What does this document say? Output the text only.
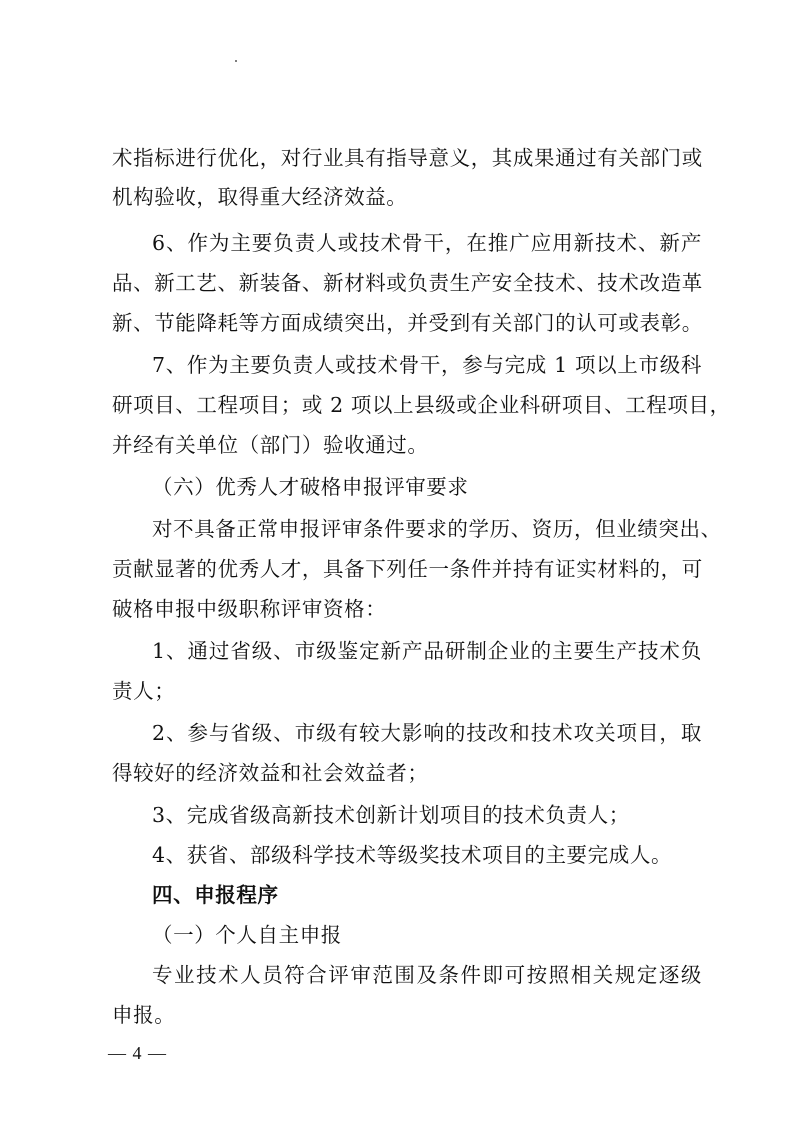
术指标进行优化，对行业具有指导意义，其成果通过有关部门或
机构验收，取得重大经济效益。
6、作为主要负责人或技术骨干，在推广应用新技术、新产
品、新工艺、新装备、新材料或负责生产安全技术、技术改造革
新、节能降耗等方面成绩突出，并受到有关部门的认可或表彰。
7、作为主要负责人或技术骨干，参与完成 1 项以上市级科
研项目、工程项目；或 2 项以上县级或企业科研项目、工程项目，
并经有关单位（部门）验收通过。
（六）优秀人才破格申报评审要求
对不具备正常申报评审条件要求的学历、资历，但业绩突出、
贡献显著的优秀人才，具备下列任一条件并持有证实材料的，可
破格申报中级职称评审资格：
1、通过省级、市级鉴定新产品研制企业的主要生产技术负
责人；
2、参与省级、市级有较大影响的技改和技术攻关项目，取
得较好的经济效益和社会效益者；
3、完成省级高新技术创新计划项目的技术负责人；
4、获省、部级科学技术等级奖技术项目的主要完成人。
四、申报程序
（一）个人自主申报
专业技术人员符合评审范围及条件即可按照相关规定逐级
申报。
— 4 —
